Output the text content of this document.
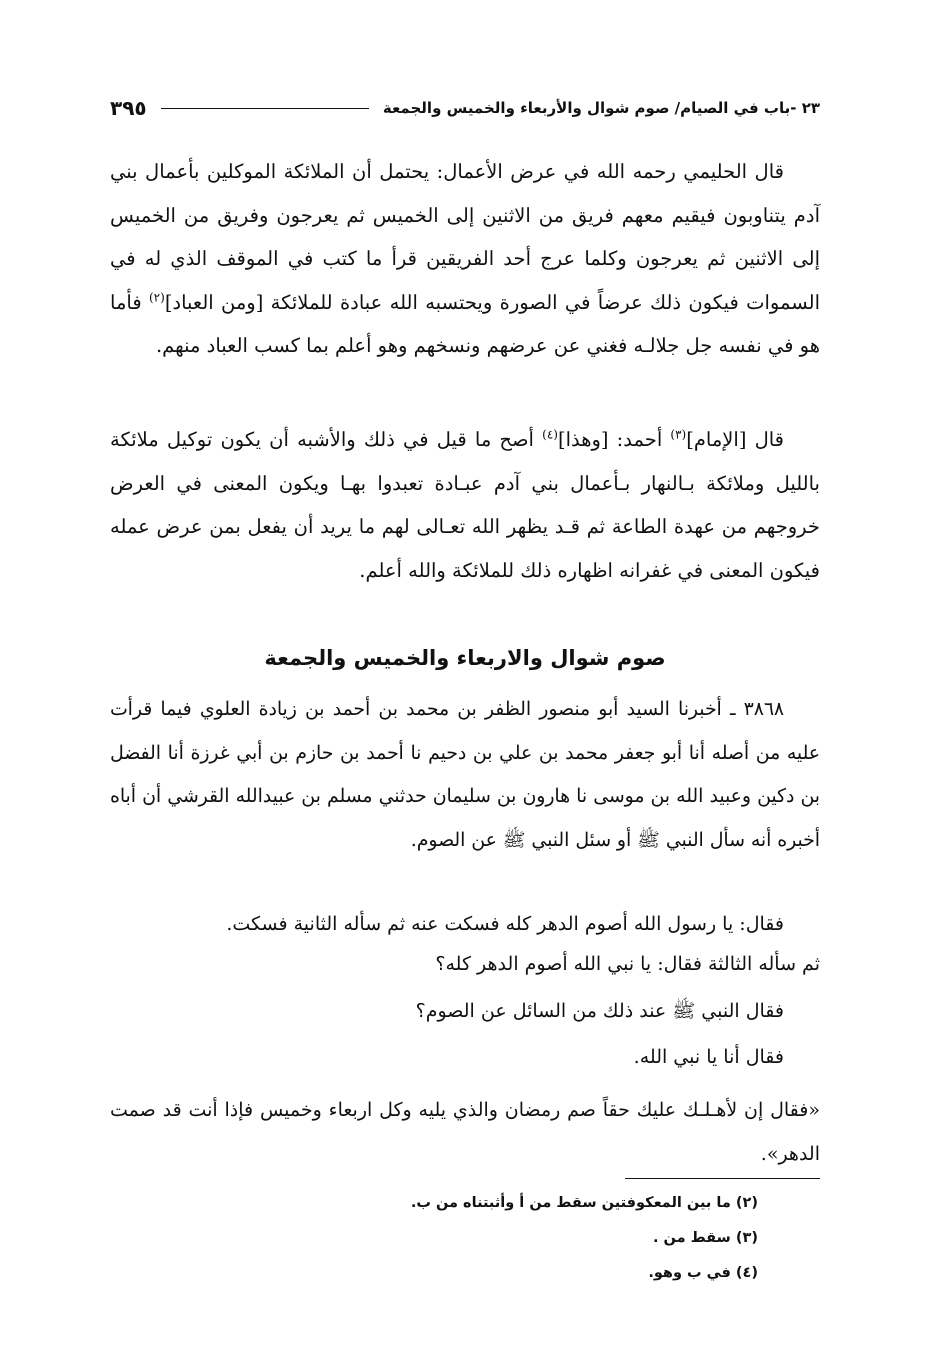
٢٣ -باب في الصيام/ صوم شوال والأربعاء والخميس والجمعة
٣٩٥

قال الحليمي رحمه الله في عرض الأعمال: يحتمل أن الملائكة الموكلين بأعمال بني آدم يتناوبون فيقيم معهم فريق من الاثنين إلى الخميس ثم يعرجون وفريق من الخميس إلى الاثنين ثم يعرجون وكلما عرج أحد الفريقين قرأ ما كتب في الموقف الذي له في السموات فيكون ذلك عرضاً في الصورة ويحتسبه الله عبادة للملائكة [ومن العباد]$^{(٢)}$ فأما هو في نفسه جل جلالـه فغني عن عرضهم ونسخهم وهو أعلم بما كسب العباد منهم.

قال [الإمام]$^{(٣)}$ أحمد: [وهذا]$^{(٤)}$ أصح ما قيل في ذلك والأشبه أن يكون توكيل ملائكة بالليل وملائكة بـالنهار بـأعمال بني آدم عبـادة تعبدوا بهـا ويكون المعنى في العرض خروجهم من عهدة الطاعة ثم قـد يظهر الله تعـالى لهم ما يريد أن يفعل بمن عرض عمله فيكون المعنى في غفرانه اظهاره ذلك للملائكة والله أعلم.

صوم شوال والاربعاء والخميس والجمعة

٣٨٦٨ ـ أخبرنا السيد أبو منصور الظفر بن محمد بن أحمد بن زيادة العلوي فيما قرأت عليه من أصله أنا أبو جعفر محمد بن علي بن دحيم نا أحمد بن حازم بن أبي غرزة أنا الفضل بن دكين وعبيد الله بن موسى نا هارون بن سليمان حدثني مسلم بن عبيدالله القرشي أن أباه أخبره أنه سأل النبي ﷺ أو سئل النبي ﷺ عن الصوم.

فقال: يا رسول الله أصوم الدهر كله فسكت عنه ثم سأله الثانية فسكت.

ثم سأله الثالثة فقال: يا نبي الله أصوم الدهر كله؟

فقال النبي ﷺ عند ذلك من السائل عن الصوم؟

فقال أنا يا نبي الله.

«فقال إن لأهـلـك عليك حقاً صم رمضان والذي يليه وكل اربعاء وخميس فإذا أنت قد صمت الدهر».

(٢) ما بين المعكوفتين سقط من أ وأثبتناه من ب.

(٣) سقط من .

(٤) في ب وهو.
